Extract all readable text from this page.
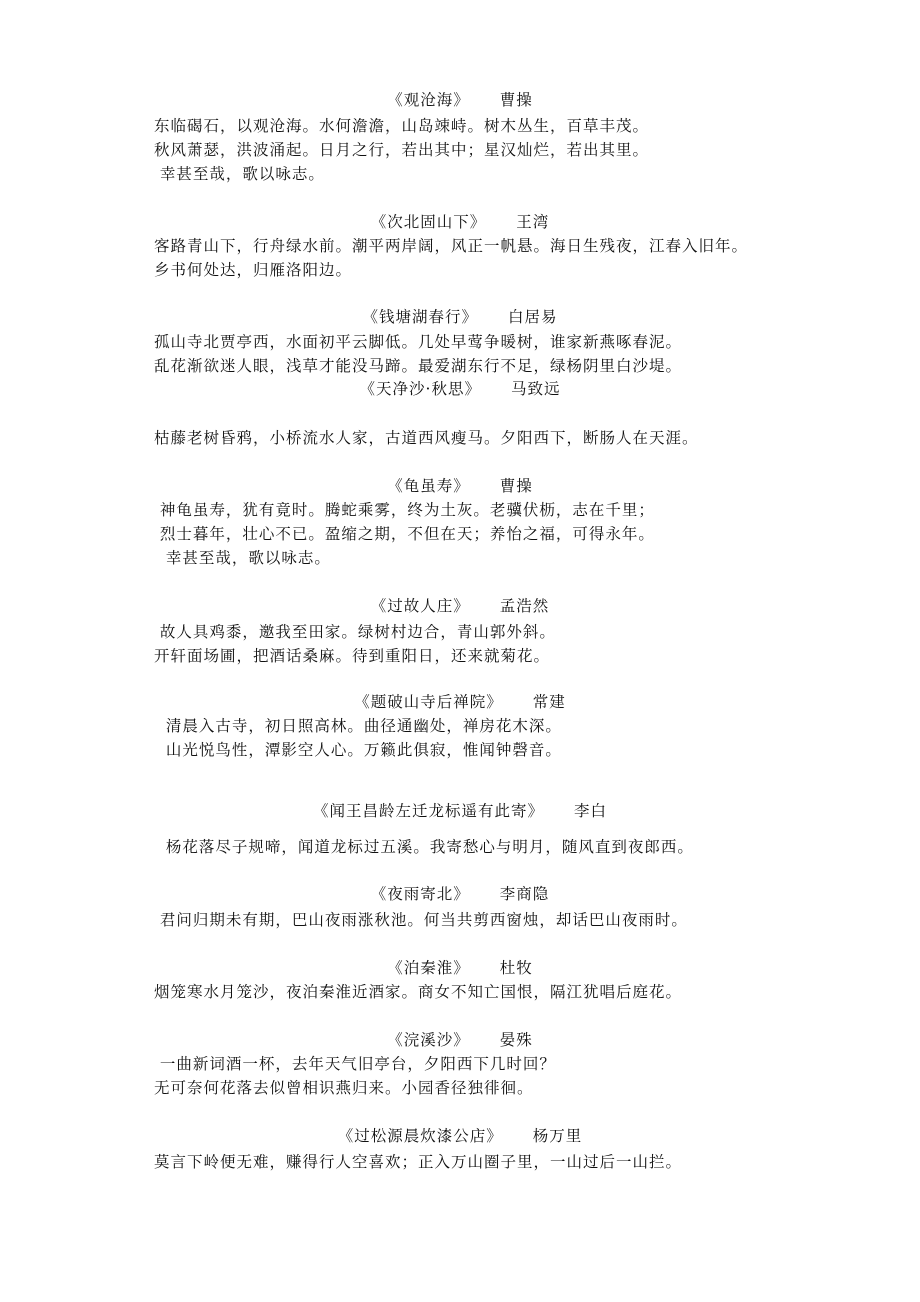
《观沧海》 曹操
东临碣石，以观沧海。水何澹澹，山岛竦峙。树木丛生，百草丰茂。
秋风萧瑟，洪波涌起。日月之行，若出其中；星汉灿烂，若出其里。
幸甚至哉，歌以咏志。
《次北固山下》 王湾
客路青山下，行舟绿水前。潮平两岸阔，风正一帆悬。海日生残夜，江春入旧年。
乡书何处达，归雁洛阳边。
《钱塘湖春行》 白居易
孤山寺北贾亭西，水面初平云脚低。几处早莺争暖树，谁家新燕啄春泥。
乱花渐欲迷人眼，浅草才能没马蹄。最爱湖东行不足，绿杨阴里白沙堤。
《天净沙·秋思》 马致远
枯藤老树昏鸦，小桥流水人家，古道西风瘦马。夕阳西下，断肠人在天涯。
《龟虽寿》 曹操
神龟虽寿，犹有竟时。腾蛇乘雾，终为土灰。老骥伏枥，志在千里；
烈士暮年，壮心不已。盈缩之期，不但在天；养怡之福，可得永年。
幸甚至哉，歌以咏志。
《过故人庄》 孟浩然
故人具鸡黍，邀我至田家。绿树村边合，青山郭外斜。
开轩面场圃，把酒话桑麻。待到重阳日，还来就菊花。
《题破山寺后禅院》 常建
清晨入古寺，初日照高林。曲径通幽处，禅房花木深。
山光悦鸟性，潭影空人心。万籁此俱寂，惟闻钟磬音。
《闻王昌龄左迁龙标遥有此寄》 李白
杨花落尽子规啼，闻道龙标过五溪。我寄愁心与明月，随风直到夜郎西。
《夜雨寄北》 李商隐
君问归期未有期，巴山夜雨涨秋池。何当共剪西窗烛，却话巴山夜雨时。
《泊秦淮》 杜牧
烟笼寒水月笼沙，夜泊秦淮近酒家。商女不知亡国恨，隔江犹唱后庭花。
《浣溪沙》 晏殊
一曲新词酒一杯，去年天气旧亭台，夕阳西下几时回？
无可奈何花落去似曾相识燕归来。小园香径独徘徊。
《过松源晨炊漆公店》 杨万里
莫言下岭便无难，赚得行人空喜欢；正入万山圈子里，一山过后一山拦。
